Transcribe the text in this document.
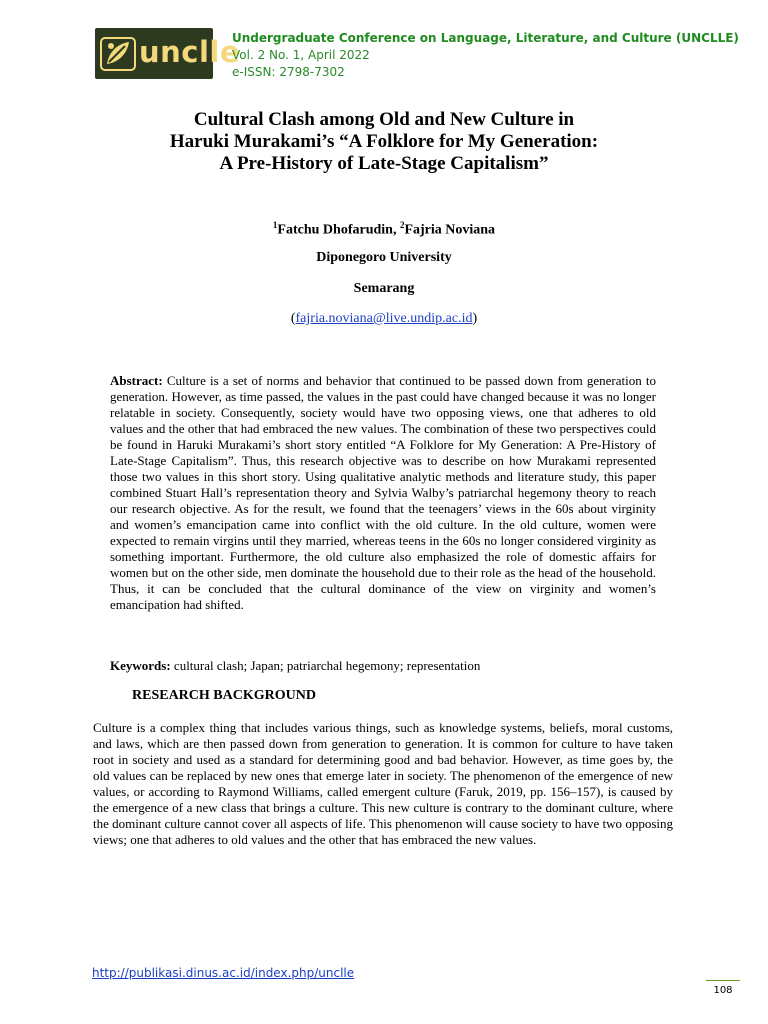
unclle
Undergraduate Conference on Language, Literature, and Culture (UNCLLE)
Vol. 2 No. 1, April 2022
e-ISSN: 2798-7302
Cultural Clash among Old and New Culture in
Haruki Murakami’s “A Folklore for My Generation:
A Pre-History of Late-Stage Capitalism”
$^1$Fatchu Dhofarudin, $^2$Fajria Noviana
Diponegoro University
Semarang
(fajria.noviana@live.undip.ac.id)
Abstract: Culture is a set of norms and behavior that continued to be passed down from generation to generation. However, as time passed, the values in the past could have changed because it was no longer relatable in society. Consequently, society would have two opposing views, one that adheres to old values and the other that had embraced the new values. The combination of these two perspectives could be found in Haruki Murakami’s short story entitled “A Folklore for My Generation: A Pre-History of Late-Stage Capitalism”. Thus, this research objective was to describe on how Murakami represented those two values in this short story. Using qualitative analytic methods and literature study, this paper combined Stuart Hall’s representation theory and Sylvia Walby’s patriarchal hegemony theory to reach our research objective. As for the result, we found that the teenagers’ views in the 60s about virginity and women’s emancipation came into conflict with the old culture. In the old culture, women were expected to remain virgins until they married, whereas teens in the 60s no longer considered virginity as something important. Furthermore, the old culture also emphasized the role of domestic affairs for women but on the other side, men dominate the household due to their role as the head of the household. Thus, it can be concluded that the cultural dominance of the view on virginity and women’s emancipation had shifted.
Keywords: cultural clash; Japan; patriarchal hegemony; representation
RESEARCH BACKGROUND
Culture is a complex thing that includes various things, such as knowledge systems, beliefs, moral customs, and laws, which are then passed down from generation to generation. It is common for culture to have taken root in society and used as a standard for determining good and bad behavior. However, as time goes by, the old values can be replaced by new ones that emerge later in society. The phenomenon of the emergence of new values, or according to Raymond Williams, called emergent culture (Faruk, 2019, pp. 156–157), is caused by the emergence of a new class that brings a culture. This new culture is contrary to the dominant culture, where the dominant culture cannot cover all aspects of life. This phenomenon will cause society to have two opposing views; one that adheres to old values and the other that has embraced the new values.
http://publikasi.dinus.ac.id/index.php/unclle
108
